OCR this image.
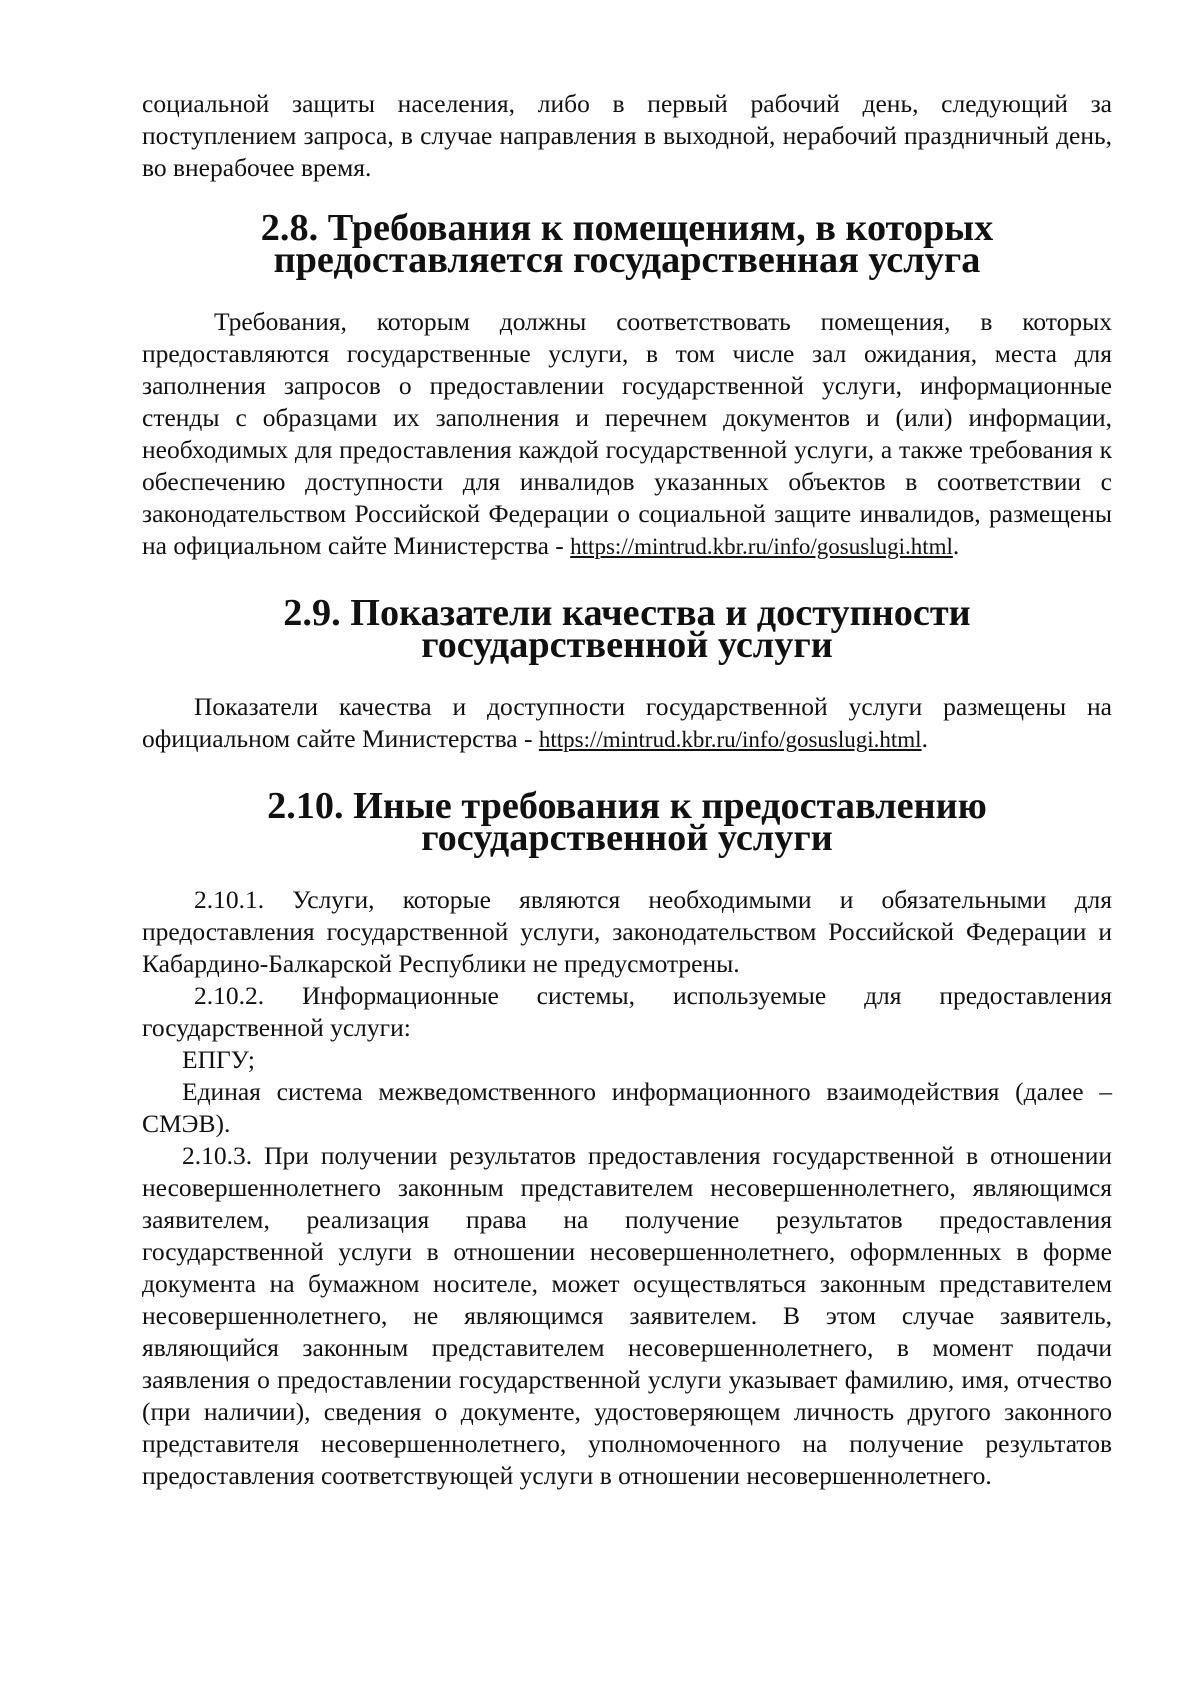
социальной защиты населения, либо в первый рабочий день, следующий за поступлением запроса, в случае направления в выходной, нерабочий праздничный день, во внерабочее время.

2.8. Требования к помещениям, в которых
предоставляется государственная услуга

Требования, которым должны соответствовать помещения, в которых предоставляются государственные услуги, в том числе зал ожидания, места для заполнения запросов о предоставлении государственной услуги, информационные стенды с образцами их заполнения и перечнем документов и (или) информации, необходимых для предоставления каждой государственной услуги, а также требования к обеспечению доступности для инвалидов указанных объектов в соответствии с законодательством Российской Федерации о социальной защите инвалидов, размещены на официальном сайте Министерства - https://mintrud.kbr.ru/info/gosuslugi.html.

2.9. Показатели качества и доступности государственной услуги

Показатели качества и доступности государственной услуги размещены на официальном сайте Министерства - https://mintrud.kbr.ru/info/gosuslugi.html.

2.10. Иные требования к предоставлению
государственной услуги

2.10.1. Услуги, которые являются необходимыми и обязательными для предоставления государственной услуги, законодательством Российской Федерации и Кабардино-Балкарской Республики не предусмотрены.

2.10.2. Информационные системы, используемые для предоставления государственной услуги:

ЕПГУ;

Единая система межведомственного информационного взаимодействия (далее – СМЭВ).

2.10.3. При получении результатов предоставления государственной в отношении несовершеннолетнего законным представителем несовершеннолетнего, являющимся заявителем, реализация права на получение результатов предоставления государственной услуги в отношении несовершеннолетнего, оформленных в форме документа на бумажном носителе, может осуществляться законным представителем несовершеннолетнего, не являющимся заявителем. В этом случае заявитель, являющийся законным представителем несовершеннолетнего, в момент подачи заявления о предоставлении государственной услуги указывает фамилию, имя, отчество (при наличии), сведения о документе, удостоверяющем личность другого законного представителя несовершеннолетнего, уполномоченного на получение результатов предоставления соответствующей услуги в отношении несовершеннолетнего.
